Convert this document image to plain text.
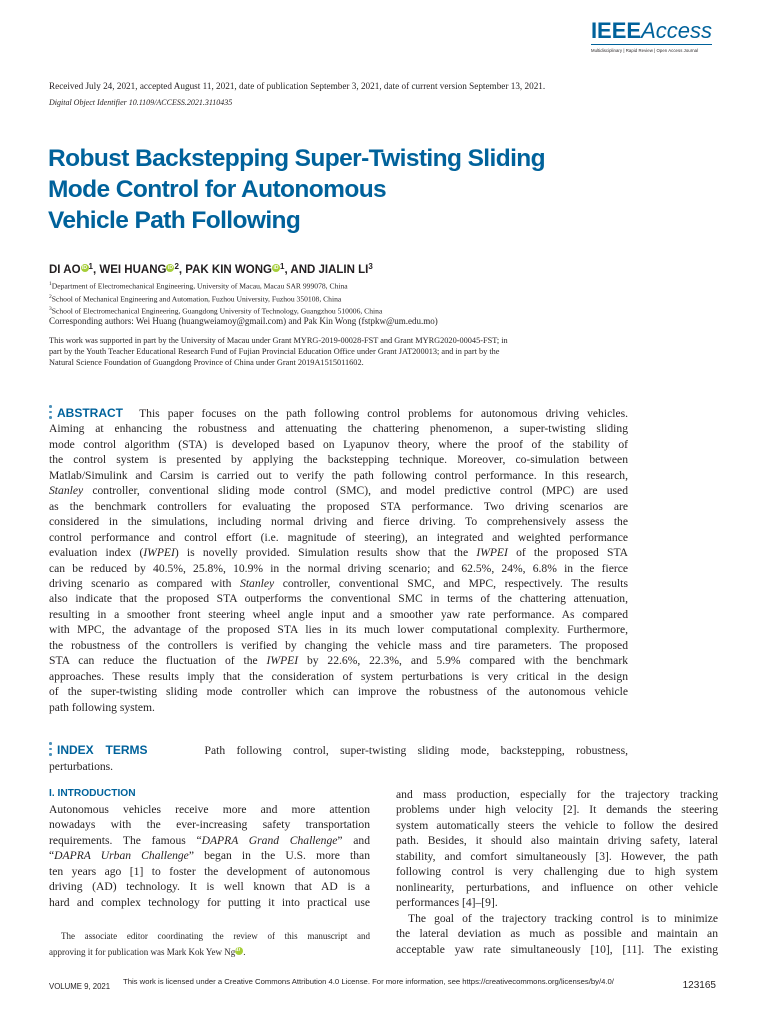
IEEEAccess
Multidisciplinary | Rapid Review | Open Access Journal
Received July 24, 2021, accepted August 11, 2021, date of publication September 3, 2021, date of current version September 13, 2021.
Digital Object Identifier 10.1109/ACCESS.2021.3110435
Robust Backstepping Super-Twisting Sliding
Mode Control for Autonomous
Vehicle Path Following
DI AO iD $^1$, WEI HUANG iD $^2$, PAK KIN WONG iD $^1$, AND JIALIN $LI^3$
$^1$Department of Electromechanical Engineering, University of Macau, Macau SAR 999078, China
$^2$School of Mechanical Engineering and Automation, Fuzhou University, Fuzhou 350108, China
$^3$School of Electromechanical Engineering, Guangdong University of Technology, Guangzhou 510006, China
Corresponding authors: Wei Huang (huangweiamoy@gmail.com) and Pak Kin Wong (fstpkw@um.edu.mo)
This work was supported in part by the University of Macau under Grant MYRG-2019-00028-FST and Grant MYRG2020-00045-FST; in
part by the Youth Teacher Educational Research Fund of Fujian Provincial Education Office under Grant JAT200013; and in part by the
Natural Science Foundation of Guangdong Province of China under Grant 2019A1515011602.
ABSTRACT This paper focuses on the path following control problems for autonomous driving vehicles.
Aiming at enhancing the robustness and attenuating the chattering phenomenon, a super-twisting sliding
mode control algorithm (STA) is developed based on Lyapunov theory, where the proof of the stability of
the control system is presented by applying the backstepping technique. Moreover, co-simulation between
Matlab/Simulink and Carsim is carried out to verify the path following control performance. In this research,
Stanley controller, conventional sliding mode control (SMC), and model predictive control (MPC) are used
as the benchmark controllers for evaluating the proposed STA performance. Two driving scenarios are
considered in the simulations, including normal driving and fierce driving. To comprehensively assess the
control performance and control effort (i.e. magnitude of steering), an integrated and weighted performance
evaluation index (IWPEI) is novelly provided. Simulation results show that the IWPEI of the proposed STA
can be reduced by 40.5%, 25.8%, 10.9% in the normal driving scenario; and 62.5%, 24%, 6.8% in the fierce
driving scenario as compared with Stanley controller, conventional SMC, and MPC, respectively. The results
also indicate that the proposed STA outperforms the conventional SMC in terms of the chattering attenuation,
resulting in a smoother front steering wheel angle input and a smoother yaw rate performance. As compared
with MPC, the advantage of the proposed STA lies in its much lower computational complexity. Furthermore,
the robustness of the controllers is verified by changing the vehicle mass and tire parameters. The proposed
STA can reduce the fluctuation of the IWPEI by 22.6%, 22.3%, and 5.9% compared with the benchmark
approaches. These results imply that the consideration of system perturbations is very critical in the design
of the super-twisting sliding mode controller which can improve the robustness of the autonomous vehicle
path following system.
INDEX TERMS	Path following control, super-twisting sliding mode, backstepping, robustness,
perturbations.
I. INTRODUCTION
Autonomous vehicles receive more and more attention
nowadays with the ever-increasing safety transportation
requirements. The famous “DAPRA Grand Challenge” and
“DAPRA Urban Challenge” began in the U.S. more than
ten years ago [1] to foster the development of autonomous
driving (AD) technology. It is well known that AD is a
hard and complex technology for putting it into practical use
and mass production, especially for the trajectory tracking
problems under high velocity [2]. It demands the steering
system automatically steers the vehicle to follow the desired
path. Besides, it should also maintain driving safety, lateral
stability, and comfort simultaneously [3]. However, the path
following control is very challenging due to high system
nonlinearity, perturbations, and influence on other vehicle
performances [4]–[9].
The goal of the trajectory tracking control is to minimize
the lateral deviation as much as possible and maintain an
acceptable yaw rate simultaneously [10], [11]. The existing
The associate editor coordinating the review of this manuscript and
approving it for publication was Mark Kok Yew NgiD .
VOLUME 9, 2021
This work is licensed under a Creative Commons Attribution 4.0 License. For more information, see https://creativecommons.org/licenses/by/4.0/	123165
